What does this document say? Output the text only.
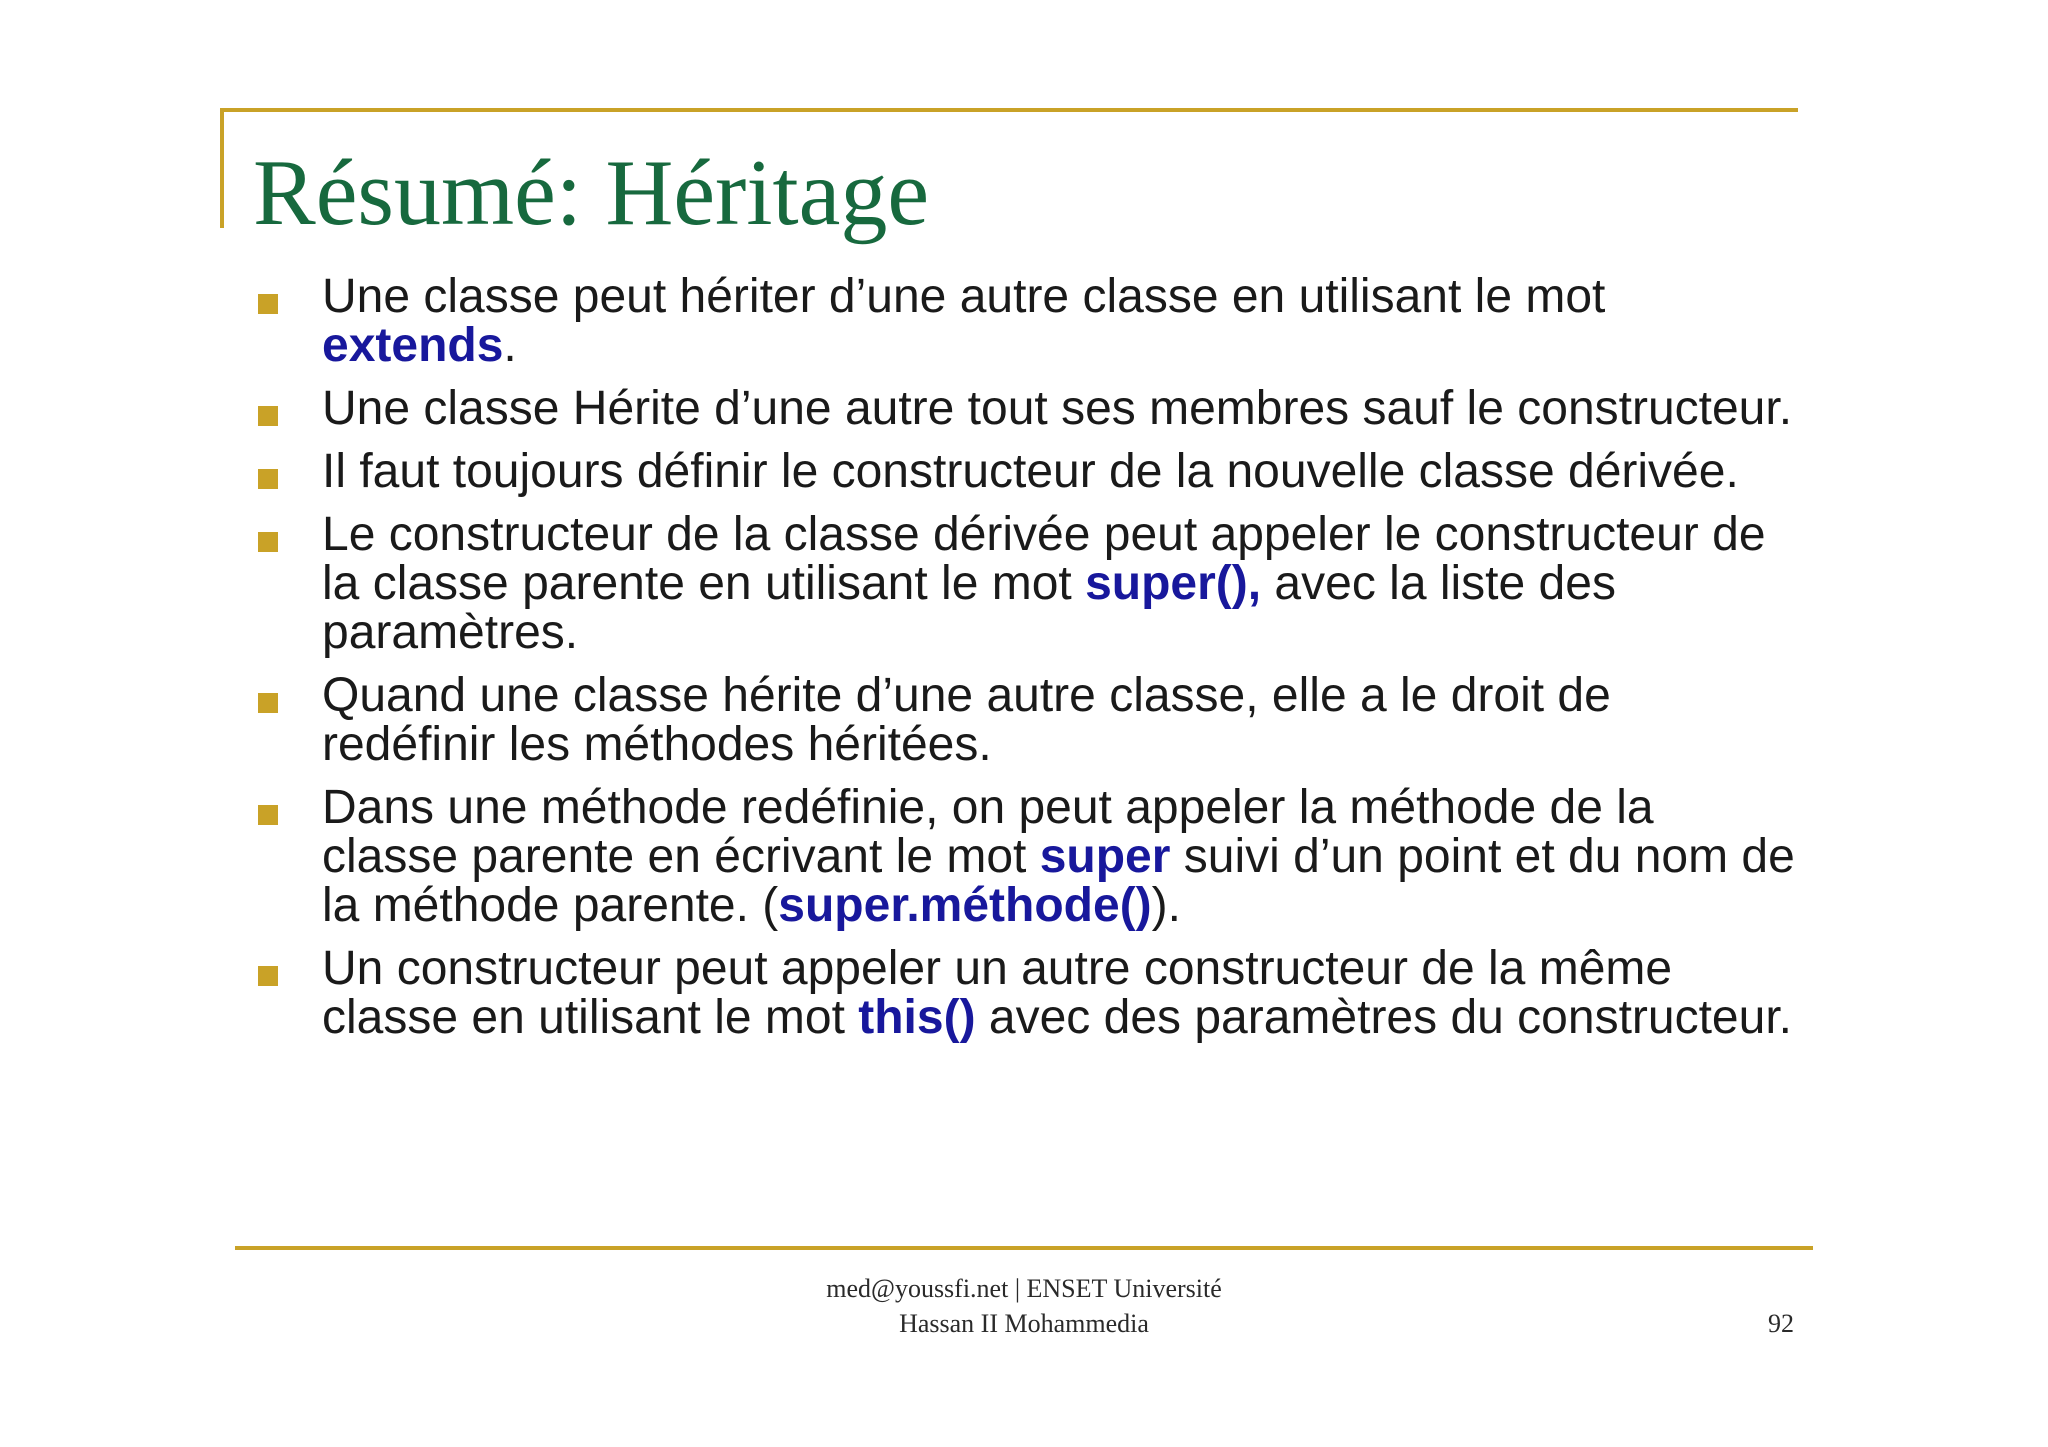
Résumé: Héritage
Une classe peut hériter d’une autre classe en utilisant le mot extends.
Une classe Hérite d’une autre tout ses membres sauf le constructeur.
Il faut toujours définir le constructeur de la nouvelle classe dérivée.
Le constructeur de la classe dérivée peut appeler le constructeur de la classe parente en utilisant le mot super(), avec la liste des paramètres.
Quand une classe hérite d’une autre classe, elle a le droit de redéfinir les méthodes héritées.
Dans une méthode redéfinie, on peut appeler la méthode de la classe parente en écrivant le mot super suivi d’un point et du nom de la méthode parente. (super.méthode()).
Un constructeur peut appeler un autre constructeur de la même classe en utilisant le mot this() avec des paramètres du constructeur.
med@youssfi.net | ENSET Université
Hassan II Mohammedia	92
